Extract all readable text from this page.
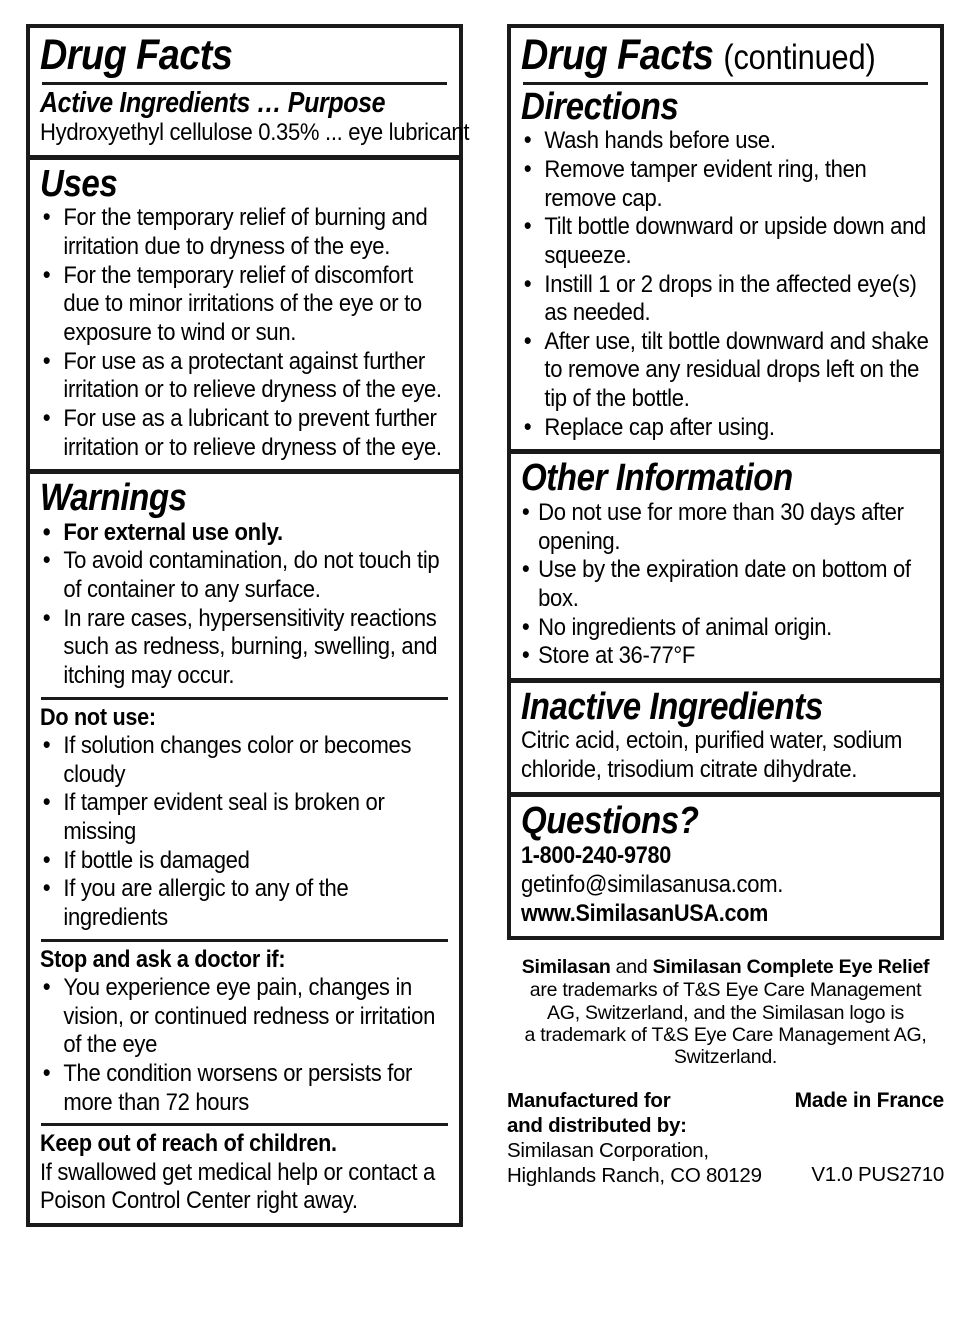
Drug Facts
Active Ingredients … Purpose
Hydroxyethyl cellulose 0.35% ... eye lubricant
Uses
• For the temporary relief of burning and irritation due to dryness of the eye.
• For the temporary relief of discomfort due to minor irritations of the eye or to exposure to wind or sun.
• For use as a protectant against further irritation or to relieve dryness of the eye.
• For use as a lubricant to prevent further irritation or to relieve dryness of the eye.
Warnings
• For external use only.
• To avoid contamination, do not touch tip of container to any surface.
• In rare cases, hypersensitivity reactions such as redness, burning, swelling, and itching may occur.
Do not use:
• If solution changes color or becomes cloudy
• If tamper evident seal is broken or missing
• If bottle is damaged
• If you are allergic to any of the ingredients
Stop and ask a doctor if:
• You experience eye pain, changes in vision, or continued redness or irritation of the eye
• The condition worsens or persists for more than 72 hours
Keep out of reach of children.
If swallowed get medical help or contact a Poison Control Center right away.
Drug Facts (continued)
Directions
• Wash hands before use.
• Remove tamper evident ring, then remove cap.
• Tilt bottle downward or upside down and squeeze.
• Instill 1 or 2 drops in the affected eye(s) as needed.
• After use, tilt bottle downward and shake to remove any residual drops left on the tip of the bottle.
• Replace cap after using.
Other Information
• Do not use for more than 30 days after opening.
• Use by the expiration date on bottom of box.
• No ingredients of animal origin.
• Store at 36-77°F
Inactive Ingredients
Citric acid, ectoin, purified water, sodium chloride, trisodium citrate dihydrate.
Questions?
1-800-240-9780
getinfo@similasanusa.com.
www.SimilasanUSA.com
Similasan and Similasan Complete Eye Relief
are trademarks of T&S Eye Care Management
AG, Switzerland, and the Similasan logo is
a trademark of T&S Eye Care Management AG,
Switzerland.
Manufactured for
and distributed by:
Similasan Corporation,
Highlands Ranch, CO 80129
Made in France
V1.0 PUS2710
